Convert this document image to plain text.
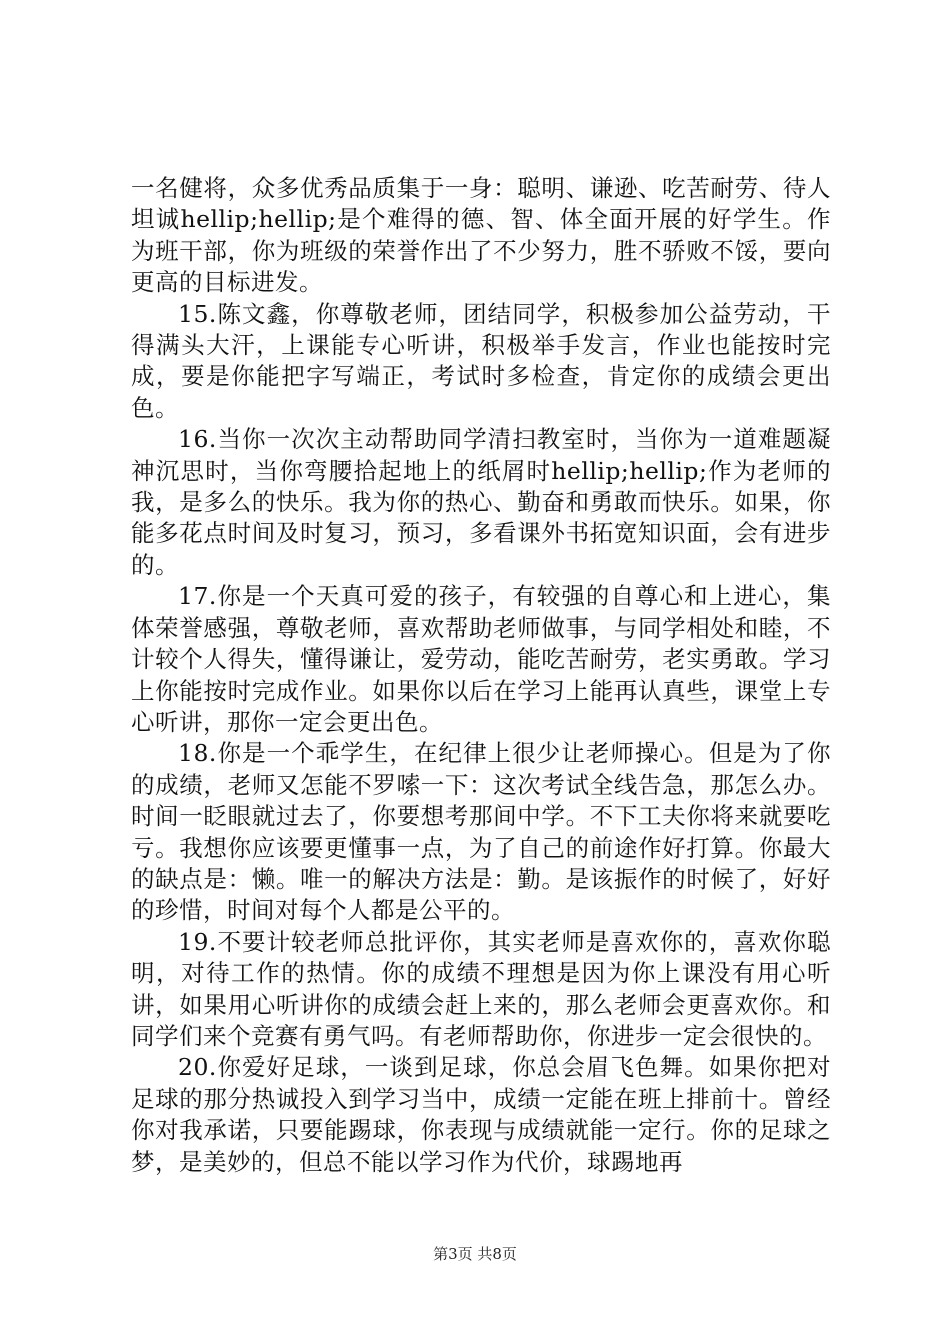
一名健将，众多优秀品质集于一身：聪明、谦逊、吃苦耐劳、待人坦诚hellip;hellip;是个难得的德、智、体全面开展的好学生。作为班干部，你为班级的荣誉作出了不少努力，胜不骄败不馁，要向更高的目标进发。

15.陈文鑫，你尊敬老师，团结同学，积极参加公益劳动，干得满头大汗，上课能专心听讲，积极举手发言，作业也能按时完成，要是你能把字写端正，考试时多检查，肯定你的成绩会更出色。

16.当你一次次主动帮助同学清扫教室时，当你为一道难题凝神沉思时，当你弯腰拾起地上的纸屑时hellip;hellip;作为老师的我，是多么的快乐。我为你的热心、勤奋和勇敢而快乐。如果，你能多花点时间及时复习，预习，多看课外书拓宽知识面，会有进步的。

17.你是一个天真可爱的孩子，有较强的自尊心和上进心，集体荣誉感强，尊敬老师，喜欢帮助老师做事，与同学相处和睦，不计较个人得失，懂得谦让，爱劳动，能吃苦耐劳，老实勇敢。学习上你能按时完成作业。如果你以后在学习上能再认真些，课堂上专心听讲，那你一定会更出色。

18.你是一个乖学生，在纪律上很少让老师操心。但是为了你的成绩，老师又怎能不罗嗦一下：这次考试全线告急，那怎么办。时间一眨眼就过去了，你要想考那间中学。不下工夫你将来就要吃亏。我想你应该要更懂事一点，为了自己的前途作好打算。你最大的缺点是：懒。唯一的解决方法是：勤。是该振作的时候了，好好的珍惜，时间对每个人都是公平的。

19.不要计较老师总批评你，其实老师是喜欢你的，喜欢你聪明，对待工作的热情。你的成绩不理想是因为你上课没有用心听讲，如果用心听讲你的成绩会赶上来的，那么老师会更喜欢你。和同学们来个竞赛有勇气吗。有老师帮助你，你进步一定会很快的。

20.你爱好足球，一谈到足球，你总会眉飞色舞。如果你把对足球的那分热诚投入到学习当中，成绩一定能在班上排前十。曾经你对我承诺，只要能踢球，你表现与成绩就能一定行。你的足球之梦，是美妙的，但总不能以学习作为代价，球踢地再

第3页 共8页
